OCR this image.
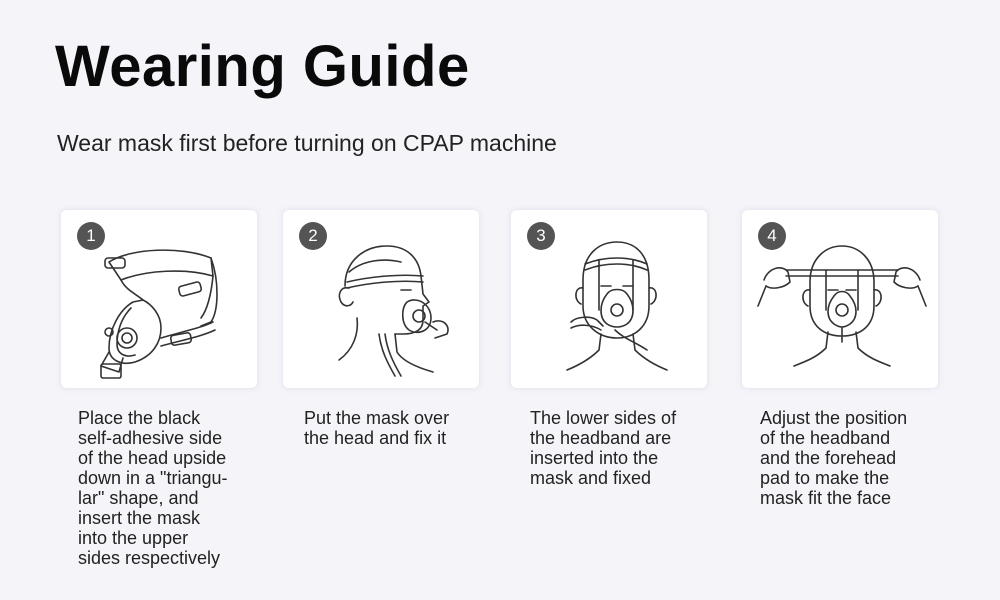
Wearing Guide

Wear mask first before turning on CPAP machine

1

Place the black
self-adhesive side
of the head upside
down in a "triangu-
lar" shape, and
insert the mask
into the upper
sides respectively

2

Put the mask over
the head and fix it

3

The lower sides of
the headband are
inserted into the
mask and fixed

4

Adjust the position
of the headband
and the forehead
pad to make the
mask fit the face
